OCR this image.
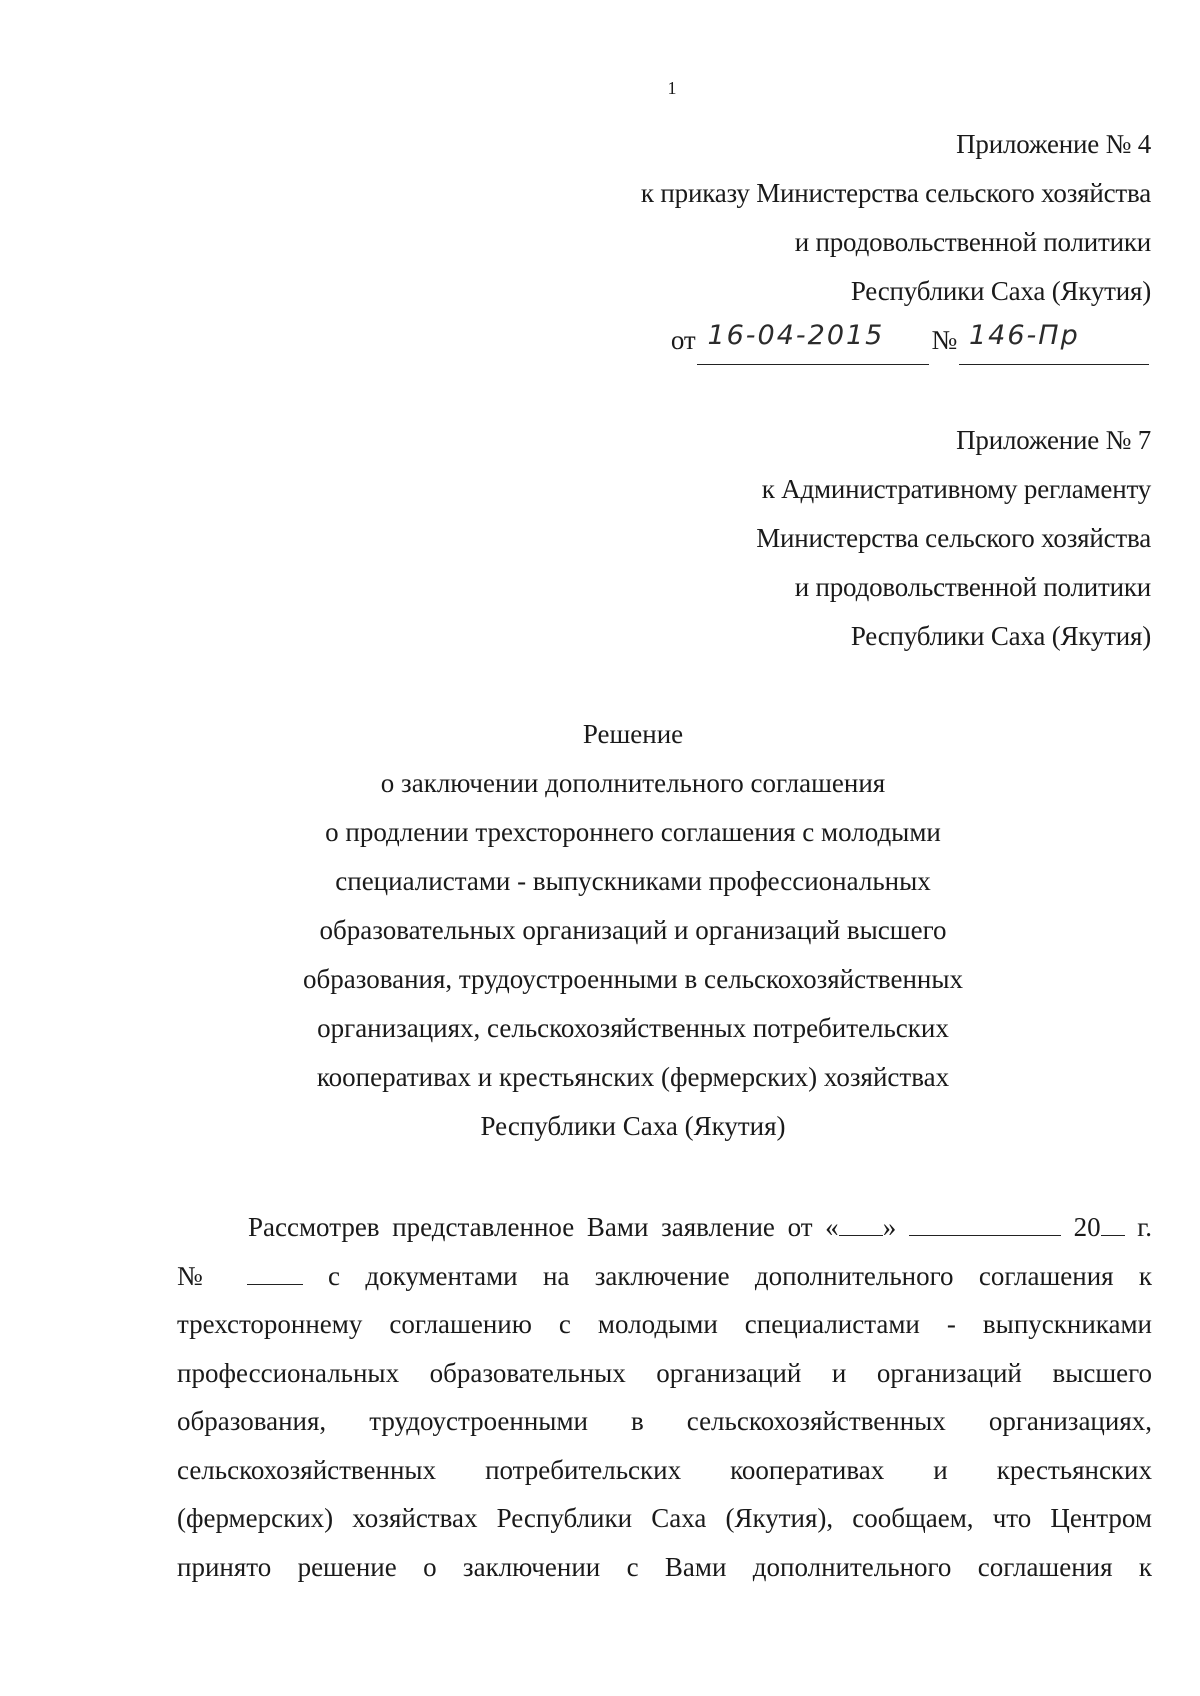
1
Приложение № 4
к приказу Министерства сельского хозяйства
и продовольственной политики
Республики Саха (Якутия)
от 16-04-2015 № 146-Пр
Приложение № 7
к Административному регламенту
Министерства сельского хозяйства
и продовольственной политики
Республики Саха (Якутия)
Решение
о заключении дополнительного соглашения
о продлении трехстороннего соглашения с молодыми
специалистами - выпускниками профессиональных
образовательных организаций и организаций высшего
образования, трудоустроенными в сельскохозяйственных
организациях, сельскохозяйственных потребительских
кооперативах и крестьянских (фермерских) хозяйствах
Республики Саха (Якутия)
Рассмотрев представленное Вами заявление от « »	20 г.
№	с документами на заключение дополнительного соглашения к
трехстороннему соглашению с молодыми специалистами - выпускниками
профессиональных образовательных организаций и организаций высшего
образования, трудоустроенными в сельскохозяйственных организациях,
сельскохозяйственных потребительских кооперативах и крестьянских
(фермерских) хозяйствах Республики Саха (Якутия), сообщаем, что Центром
принято решение о заключении с Вами дополнительного соглашения к
